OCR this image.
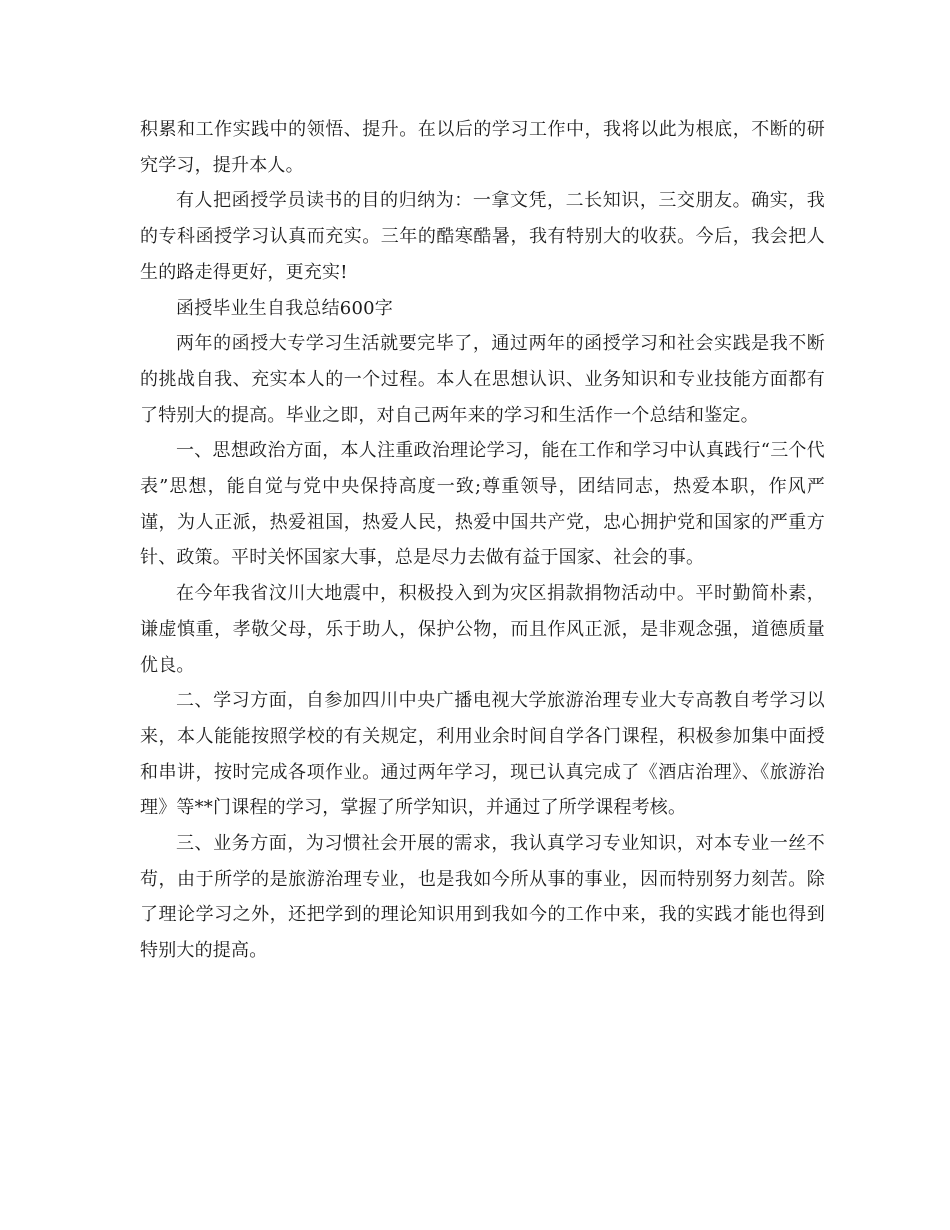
积累和工作实践中的领悟、提升。在以后的学习工作中，我将以此为根底，不断的研究学习，提升本人。

有人把函授学员读书的目的归纳为：一拿文凭，二长知识，三交朋友。确实，我的专科函授学习认真而充实。三年的酷寒酷暑，我有特别大的收获。今后，我会把人生的路走得更好，更充实!

函授毕业生自我总结600字

两年的函授大专学习生活就要完毕了，通过两年的函授学习和社会实践是我不断的挑战自我、充实本人的一个过程。本人在思想认识、业务知识和专业技能方面都有了特别大的提高。毕业之即，对自己两年来的学习和生活作一个总结和鉴定。

一、思想政治方面，本人注重政治理论学习，能在工作和学习中认真践行“三个代表”思想，能自觉与党中央保持高度一致;尊重领导，团结同志，热爱本职，作风严谨，为人正派，热爱祖国，热爱人民，热爱中国共产党，忠心拥护党和国家的严重方针、政策。平时关怀国家大事，总是尽力去做有益于国家、社会的事。

在今年我省汶川大地震中，积极投入到为灾区捐款捐物活动中。平时勤简朴素，谦虚慎重，孝敬父母，乐于助人，保护公物，而且作风正派，是非观念强，道德质量优良。

二、学习方面，自参加四川中央广播电视大学旅游治理专业大专高教自考学习以来，本人能能按照学校的有关规定，利用业余时间自学各门课程，积极参加集中面授和串讲，按时完成各项作业。通过两年学习，现已认真完成了《酒店治理》、《旅游治理》等**门课程的学习，掌握了所学知识，并通过了所学课程考核。

三、业务方面，为习惯社会开展的需求，我认真学习专业知识，对本专业一丝不苟，由于所学的是旅游治理专业，也是我如今所从事的事业，因而特别努力刻苦。除了理论学习之外，还把学到的理论知识用到我如今的工作中来，我的实践才能也得到特别大的提高。
